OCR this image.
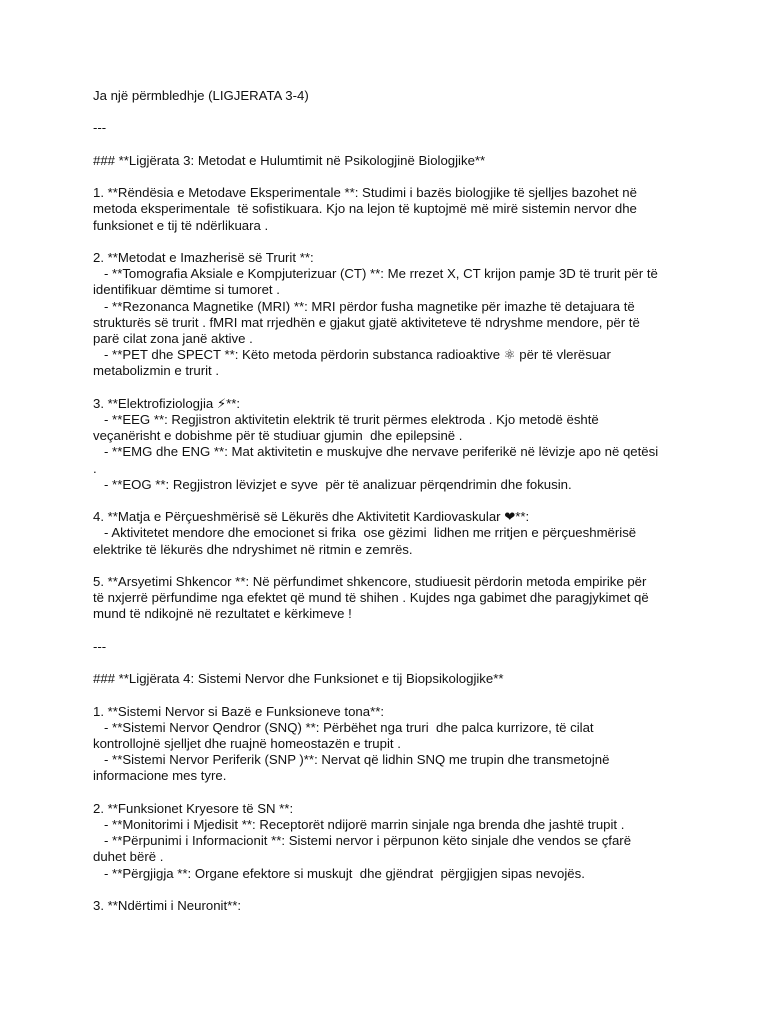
Ja një përmbledhje (LIGJERATA 3-4)
---
### **Ligjërata 3: Metodat e Hulumtimit në Psikologjinë Biologjike** 󠁿󠁿
1. **Rëndësia e Metodave Eksperimentale 󠁿**: Studimi i bazës biologjike të sjelljes bazohet në
metoda eksperimentale  të sofistikuara. Kjo na lejon të kuptojmë më mirë sistemin nervor dhe
funksionet e tij të ndërlikuara 󠁿.
2. **Metodat e Imazherisë së Trurit **:
- **Tomografia Aksiale e Kompjuterizuar (CT) 󠁿**: Me rrezet X, CT krijon pamje 3D të trurit për të
identifikuar dëmtime si tumoret 󠁿󠁿.
- **Rezonanca Magnetike (MRI) 󠁿󠁿**: MRI përdor fusha magnetike për imazhe të detajuara të
strukturës së trurit 󠁿. fMRI mat rrjedhën e gjakut gjatë aktiviteteve të ndryshme mendore, për të
parë cilat zona janë aktive 󠁿.
- **PET dhe SPECT 󠁿**: Këto metoda përdorin substanca radioaktive ⚛ për të vlerësuar
metabolizmin e trurit .
3. **Elektrofiziologjia ⚡**:
- **EEG 󠁿**: Regjistron aktivitetin elektrik të trurit përmes elektroda . Kjo metodë është
veçanërisht e dobishme për të studiuar gjumin 󠁿 dhe epilepsinë 󠁿.
- **EMG dhe ENG 󠁿**: Mat aktivitetin e muskujve dhe nervave periferikë në lëvizje apo në qetësi
󠁿.
- **EOG **: Regjistron lëvizjet e syve 󠁿 për të analizuar përqendrimin dhe fokusin.
4. **Matja e Përçueshmërisë së Lëkurës dhe Aktivitetit Kardiovaskular ❤󠁿**:
- Aktivitetet mendore dhe emocionet si frika 󠁿 ose gëzimi 󠁿 lidhen me rritjen e përçueshmërisë
elektrike të lëkurës dhe ndryshimet në ritmin e zemrës.
5. **Arsyetimi Shkencor 󠁿󠁿**: Në përfundimet shkencore, studiuesit përdorin metoda empirike për
të nxjerrë përfundime nga efektet që mund të shihen 󠁿. Kujdes nga gabimet dhe paragjykimet që
mund të ndikojnë në rezultatet e kërkimeve 󠁿!
---
### **Ligjërata 4: Sistemi Nervor dhe Funksionet e tij Biopsikologjike** 󠁿󠁿
1. **Sistemi Nervor si Bazë e Funksioneve tona**:
- **Sistemi Nervor Qendror (SNQ) 󠁿**: Përbëhet nga truri 󠁿 dhe palca kurrizore, të cilat
kontrollojnë sjelljet dhe ruajnë homeostazën e trupit 󠁿.
- **Sistemi Nervor Periferik (SNP 󠁿)**: Nervat që lidhin SNQ me trupin dhe transmetojnë
informacione mes tyre.
2. **Funksionet Kryesore të SN 󠁿**:
- **Monitorimi i Mjedisit 󠁿**: Receptorët ndijorë marrin sinjale nga brenda dhe jashtë trupit 󠁿󠁿.
- **Përpunimi i Informacionit 󠁿**: Sistemi nervor i përpunon këto sinjale dhe vendos se çfarë
duhet bërë .
- **Përgjigja 󠁿**: Organe efektore si muskujt  dhe gjëndrat 󠁿 përgjigjen sipas nevojës.
3. **Ndërtimi i Neuronit**:
